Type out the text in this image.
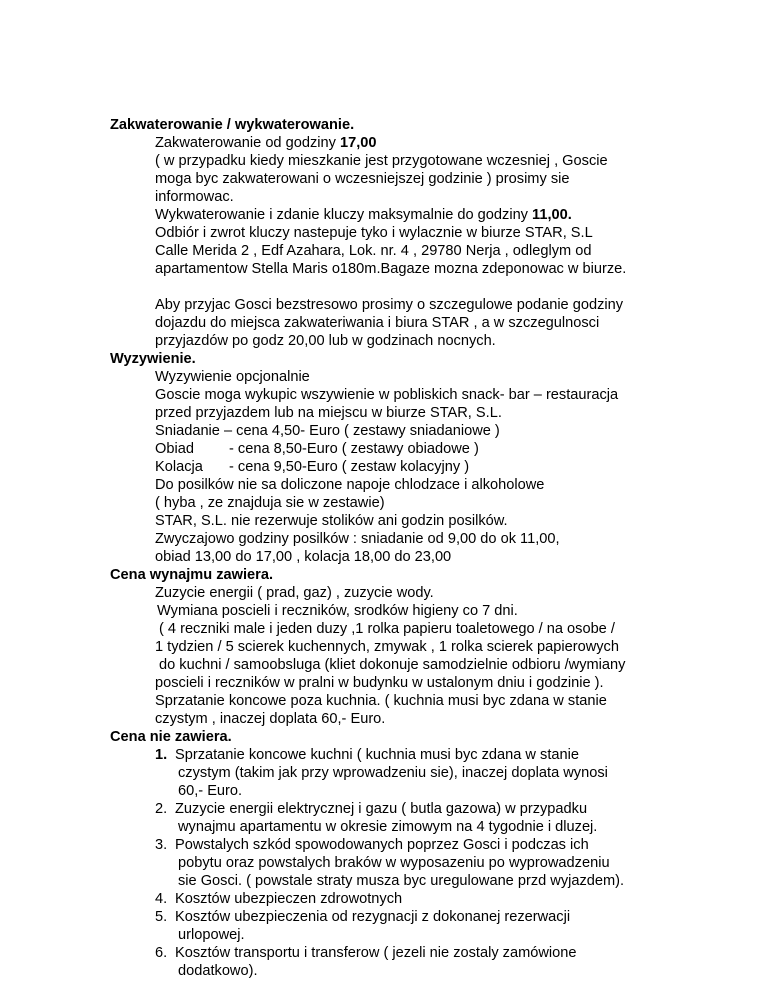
Zakwaterowanie / wykwaterowanie.
Zakwaterowanie od godziny 17,00
( w przypadku kiedy mieszkanie jest przygotowane wczesniej , Goscie
moga byc zakwaterowani o wczesniejszej godzinie ) prosimy sie
informowac.
Wykwaterowanie i zdanie kluczy maksymalnie do godziny 11,00.
Odbiór i zwrot kluczy nastepuje tyko i wylacznie w biurze STAR, S.L
Calle Merida 2 , Edf Azahara, Lok. nr. 4 , 29780 Nerja , odleglym od
apartamentow Stella Maris o180m.Bagaze mozna zdeponowac w biurze.
Aby przyjac Gosci bezstresowo prosimy o szczegulowe podanie godziny
dojazdu do miejsca zakwateriwania i biura STAR , a w szczegulnosci
przyjazdów po godz 20,00 lub w godzinach nocnych.
Wyzywienie.
Wyzywienie opcjonalnie
Goscie moga wykupic wszywienie w pobliskich snack- bar – restauracja
przed przyjazdem lub na miejscu w biurze STAR, S.L.
Sniadanie – cena 4,50- Euro ( zestawy sniadaniowe )
Obiad - cena 8,50-Euro ( zestawy obiadowe )
Kolacja - cena 9,50-Euro ( zestaw kolacyjny )
Do posilków nie sa doliczone napoje chlodzace i alkoholowe
( hyba , ze znajduja sie w zestawie)
STAR, S.L. nie rezerwuje stolików ani godzin posilków.
Zwyczajowo godziny posilków : sniadanie od 9,00 do ok 11,00,
obiad 13,00 do 17,00 , kolacja 18,00 do 23,00
Cena wynajmu zawiera.
Zuzycie energii ( prad, gaz) , zuzycie wody.
Wymiana poscieli i reczników, srodków higieny co 7 dni.
( 4 reczniki male i jeden duzy ,1 rolka papieru toaletowego / na osobe /
1 tydzien / 5 scierek kuchennych, zmywak , 1 rolka scierek papierowych
do kuchni / samoobsluga (kliet dokonuje samodzielnie odbioru /wymiany
poscieli i reczników w pralni w budynku w ustalonym dniu i godzinie ).
Sprzatanie koncowe poza kuchnia. ( kuchnia musi byc zdana w stanie
czystym , inaczej doplata 60,- Euro.
Cena nie zawiera.
1. Sprzatanie koncowe kuchni ( kuchnia musi byc zdana w stanie
czystym (takim jak przy wprowadzeniu sie), inaczej doplata wynosi
60,- Euro.
2. Zuzycie energii elektrycznej i gazu ( butla gazowa) w przypadku
wynajmu apartamentu w okresie zimowym na 4 tygodnie i dluzej.
3. Powstalych szkód spowodowanych poprzez Gosci i podczas ich
pobytu oraz powstalych braków w wyposazeniu po wyprowadzeniu
sie Gosci. ( powstale straty musza byc uregulowane przd wyjazdem).
4. Kosztów ubezpieczen zdrowotnych
5. Kosztów ubezpieczenia od rezygnacji z dokonanej rezerwacji
urlopowej.
6. Kosztów transportu i transferow ( jezeli nie zostaly zamówione
dodatkowo).
